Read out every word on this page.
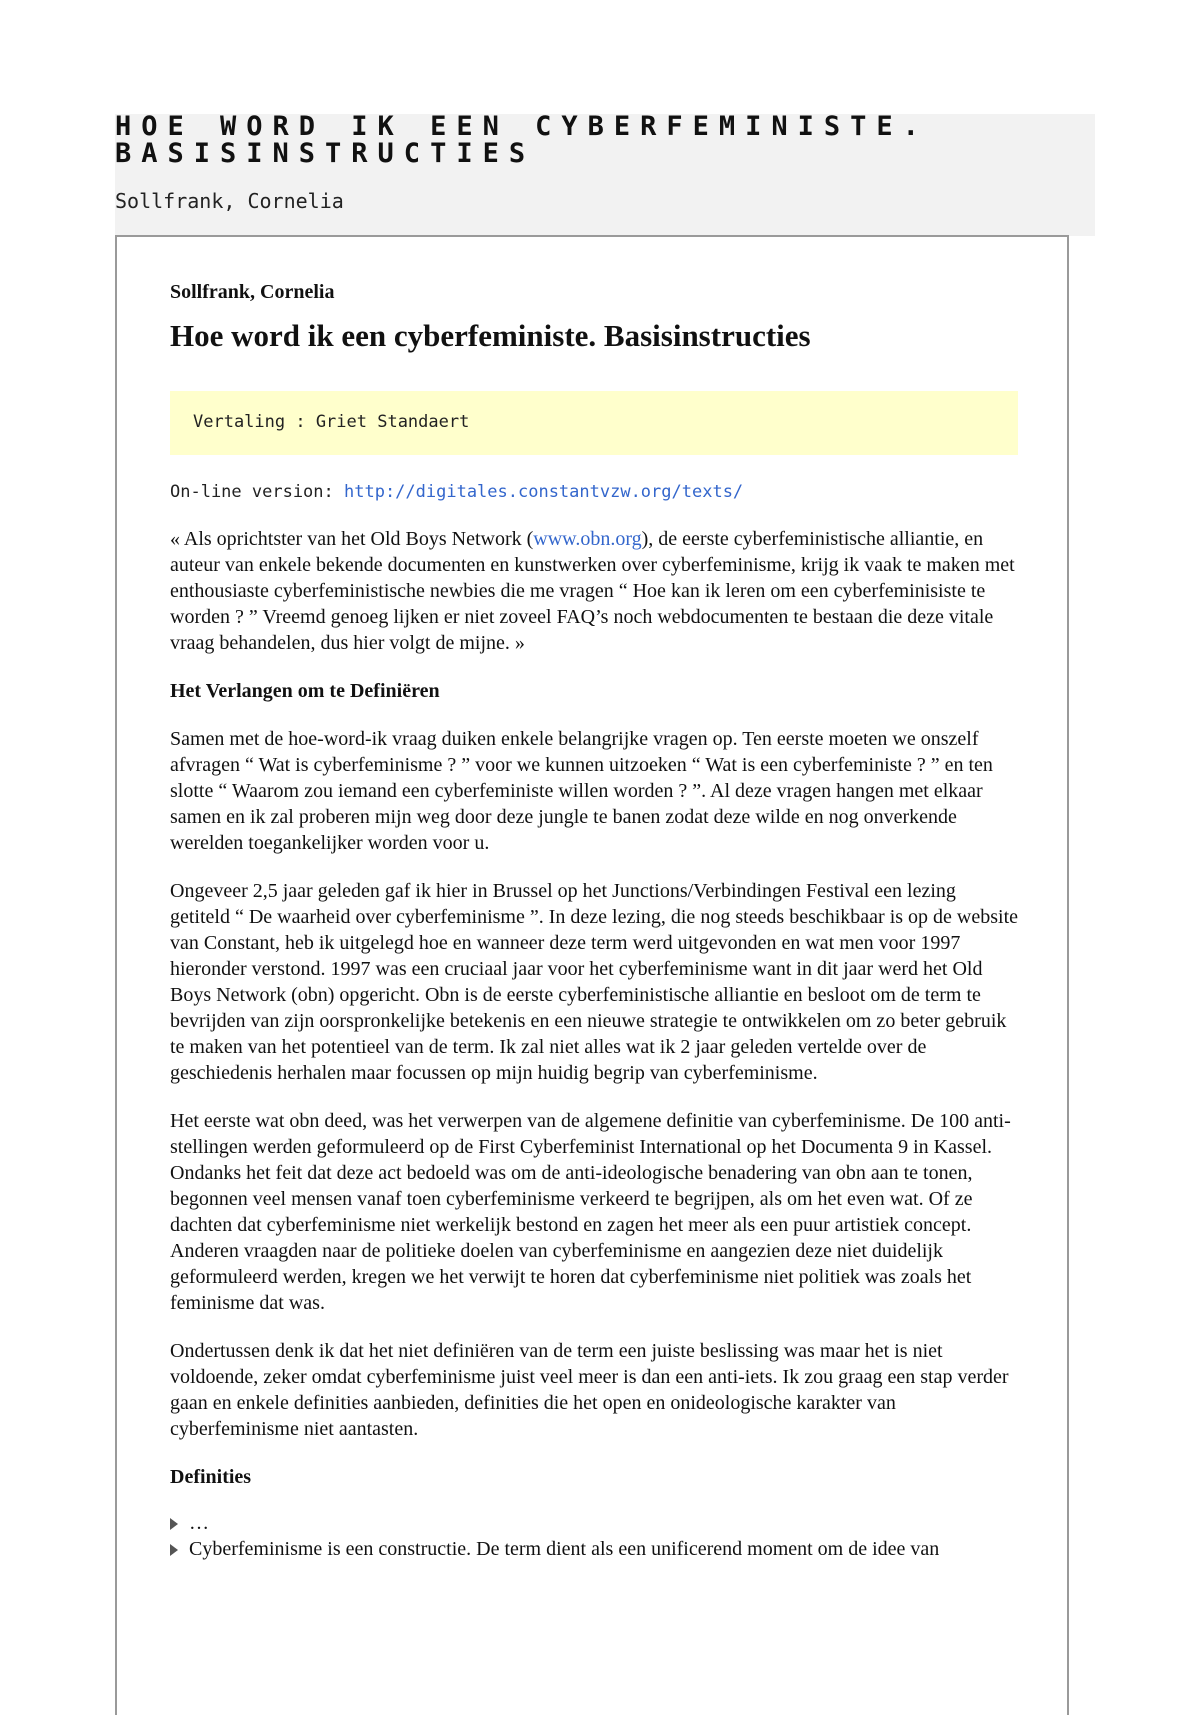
HOE WORD IK EEN CYBERFEMINISTE. BASISINSTRUCTIES

Sollfrank, Cornelia

Sollfrank, Cornelia

Hoe word ik een cyberfeministe. Basisinstructies
Vertaling : Griet Standaert

On-line version: http://digitales.constantvzw.org/texts/

« Als oprichtster van het Old Boys Network (www.obn.org), de eerste cyberfeministische alliantie, en auteur van enkele bekende documenten en kunstwerken over cyberfeminisme, krijg ik vaak te maken met enthousiaste cyberfeministische newbies die me vragen “ Hoe kan ik leren om een cyberfeminisiste te worden ? ” Vreemd genoeg lijken er niet zoveel FAQ’s noch webdocumenten te bestaan die deze vitale vraag behandelen, dus hier volgt de mijne. »

Het Verlangen om te Definiëren

Samen met de hoe-word-ik vraag duiken enkele belangrijke vragen op. Ten eerste moeten we onszelf afvragen “ Wat is cyberfeminisme ? ” voor we kunnen uitzoeken “ Wat is een cyberfeministe ? ” en ten slotte “ Waarom zou iemand een cyberfeministe willen worden ? ”. Al deze vragen hangen met elkaar samen en ik zal proberen mijn weg door deze jungle te banen zodat deze wilde en nog onverkende werelden toegankelijker worden voor u.

Ongeveer 2,5 jaar geleden gaf ik hier in Brussel op het Junctions/Verbindingen Festival een lezing getiteld “ De waarheid over cyberfeminisme ”. In deze lezing, die nog steeds beschikbaar is op de website van Constant, heb ik uitgelegd hoe en wanneer deze term werd uitgevonden en wat men voor 1997 hieronder verstond. 1997 was een cruciaal jaar voor het cyberfeminisme want in dit jaar werd het Old Boys Network (obn) opgericht. Obn is de eerste cyberfeministische alliantie en besloot om de term te bevrijden van zijn oorspronkelijke betekenis en een nieuwe strategie te ontwikkelen om zo beter gebruik te maken van het potentieel van de term. Ik zal niet alles wat ik 2 jaar geleden vertelde over de geschiedenis herhalen maar focussen op mijn huidig begrip van cyberfeminisme.

Het eerste wat obn deed, was het verwerpen van de algemene definitie van cyberfeminisme. De 100 anti-stellingen werden geformuleerd op de First Cyberfeminist International op het Documenta 9 in Kassel. Ondanks het feit dat deze act bedoeld was om de anti-ideologische benadering van obn aan te tonen, begonnen veel mensen vanaf toen cyberfeminisme verkeerd te begrijpen, als om het even wat. Of ze dachten dat cyberfeminisme niet werkelijk bestond en zagen het meer als een puur artistiek concept. Anderen vraagden naar de politieke doelen van cyberfeminisme en aangezien deze niet duidelijk geformuleerd werden, kregen we het verwijt te horen dat cyberfeminisme niet politiek was zoals het feminisme dat was.

Ondertussen denk ik dat het niet definiëren van de term een juiste beslissing was maar het is niet voldoende, zeker omdat cyberfeminisme juist veel meer is dan een anti-iets. Ik zou graag een stap verder gaan en enkele definities aanbieden, definities die het open en onideologische karakter van cyberfeminisme niet aantasten.

Definities
…
Cyberfeminisme is een constructie. De term dient als een unificerend moment om de idee van
